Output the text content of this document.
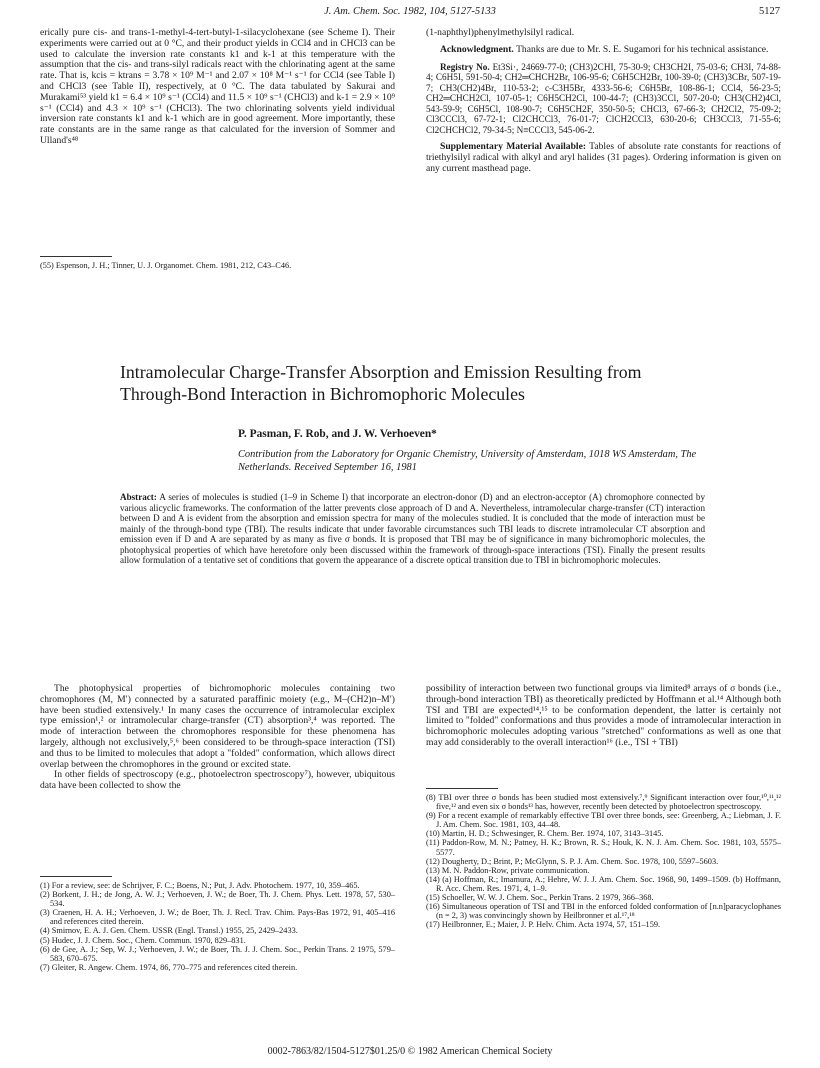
J. Am. Chem. Soc. 1982, 104, 5127-5133	5127

erically pure cis- and trans-1-methyl-4-tert-butyl-1-silacyclohexane (see Scheme I). Their experiments were carried out at 0 °C, and their product yields in CCl4 and in CHCl3 can be used to calculate the inversion rate constants k1 and k-1 at this temperature with the assumption that the cis- and trans-silyl radicals react with the chlorinating agent at the same rate. That is, kcis = ktrans = 3.78 × 10⁹ M⁻¹ and 2.07 × 10⁸ M⁻¹ s⁻¹ for CCl4 (see Table I) and CHCl3 (see Table II), respectively, at 0 °C. The data tabulated by Sakurai and Murakami⁵³ yield k1 = 6.4 × 10⁹ s⁻¹ (CCl4) and 11.5 × 10⁹ s⁻¹ (CHCl3) and k-1 = 2.9 × 10⁹ s⁻¹ (CCl4) and 4.3 × 10⁹ s⁻¹ (CHCl3). The two chlorinating solvents yield individual inversion rate constants k1 and k-1 which are in good agreement. More importantly, these rate constants are in the same range as that calculated for the inversion of Sommer and Ulland's⁴⁸

(55) Espenson, J. H.; Tinner, U. J. Organomet. Chem. 1981, 212, C43–C46.

(1-naphthyl)phenylmethylsilyl radical.

Acknowledgment. Thanks are due to Mr. S. E. Sugamori for his technical assistance.

Registry No. Et3Si·, 24669-77-0; (CH3)2CHI, 75-30-9; CH3CH2I, 75-03-6; CH3I, 74-88-4; C6H5I, 591-50-4; CH2═CHCH2Br, 106-95-6; C6H5CH2Br, 100-39-0; (CH3)3CBr, 507-19-7; CH3(CH2)4Br, 110-53-2; c-C3H5Br, 4333-56-6; C6H5Br, 108-86-1; CCl4, 56-23-5; CH2═CHCH2Cl, 107-05-1; C6H5CH2Cl, 100-44-7; (CH3)3CCl, 507-20-0; CH3(CH2)4Cl, 543-59-9; C6H5Cl, 108-90-7; C6H5CH2F, 350-50-5; CHCl3, 67-66-3; CH2Cl2, 75-09-2; Cl3CCCl3, 67-72-1; Cl2CHCCl3, 76-01-7; ClCH2CCl3, 630-20-6; CH3CCl3, 71-55-6; Cl2CHCHCl2, 79-34-5; N≡CCCl3, 545-06-2.

Supplementary Material Available: Tables of absolute rate constants for reactions of triethylsilyl radical with alkyl and aryl halides (31 pages). Ordering information is given on any current masthead page.

Intramolecular Charge-Transfer Absorption and Emission Resulting from Through-Bond Interaction in Bichromophoric Molecules
P. Pasman, F. Rob, and J. W. Verhoeven*
Contribution from the Laboratory for Organic Chemistry, University of Amsterdam, 1018 WS Amsterdam, The Netherlands. Received September 16, 1981
Abstract: A series of molecules is studied (1–9 in Scheme I) that incorporate an electron-donor (D) and an electron-acceptor (A) chromophore connected by various alicyclic frameworks. The conformation of the latter prevents close approach of D and A. Nevertheless, intramolecular charge-transfer (CT) interaction between D and A is evident from the absorption and emission spectra for many of the molecules studied. It is concluded that the mode of interaction must be mainly of the through-bond type (TBI). The results indicate that under favorable circumstances such TBI leads to discrete intramolecular CT absorption and emission even if D and A are separated by as many as five σ bonds. It is proposed that TBI may be of significance in many bichromophoric molecules, the photophysical properties of which have heretofore only been discussed within the framework of through-space interactions (TSI). Finally the present results allow formulation of a tentative set of conditions that govern the appearance of a discrete optical transition due to TBI in bichromophoric molecules.

The photophysical properties of bichromophoric molecules containing two chromophores (M, M′) connected by a saturated paraffinic moiety (e.g., M–(CH2)n–M′) have been studied extensively.¹ In many cases the occurrence of intramolecular exciplex type emission¹,² or intramolecular charge-transfer (CT) absorption³,⁴ was reported. The mode of interaction between the chromophores responsible for these phenomena has largely, although not exclusively,⁵,⁶ been considered to be through-space interaction (TSI) and thus to be limited to molecules that adopt a "folded" conformation, which allows direct overlap between the chromophores in the ground or excited state.

In other fields of spectroscopy (e.g., photoelectron spectroscopy⁷), however, ubiquitous data have been collected to show the

(1) For a review, see: de Schrijver, F. C.; Boens, N.; Put, J. Adv. Photochem. 1977, 10, 359–465.

(2) Borkent, J. H.; de Jong, A. W. J.; Verhoeven, J. W.; de Boer, Th. J. Chem. Phys. Lett. 1978, 57, 530–534.

(3) Craenen, H. A. H.; Verhoeven, J. W.; de Boer, Th. J. Recl. Trav. Chim. Pays-Bas 1972, 91, 405–416 and references cited therein.

(4) Smirnov, E. A. J. Gen. Chem. USSR (Engl. Transl.) 1955, 25, 2429–2433.

(5) Hudec, J. J. Chem. Soc., Chem. Commun. 1970, 829–831.

(6) de Gee, A. J.; Sep, W. J.; Verhoeven, J. W.; de Boer, Th. J. J. Chem. Soc., Perkin Trans. 2 1975, 579–583, 670–675.

(7) Gleiter, R. Angew. Chem. 1974, 86, 770–775 and references cited therein.

possibility of interaction between two functional groups via limited⁸ arrays of σ bonds (i.e., through-bond interaction TBI) as theoretically predicted by Hoffmann et al.¹⁴ Although both TSI and TBI are expected¹⁴,¹⁵ to be conformation dependent, the latter is certainly not limited to "folded" conformations and thus provides a mode of intramolecular interaction in bichromophoric molecules adopting various "stretched" conformations as well as one that may add considerably to the overall interaction¹⁶ (i.e., TSI + TBI)

(8) TBI over three σ bonds has been studied most extensively.⁷,⁹ Significant interaction over four,¹⁰,¹¹,¹² five,¹² and even six σ bonds¹³ has, however, recently been detected by photoelectron spectroscopy.

(9) For a recent example of remarkably effective TBI over three bonds, see: Greenberg, A.; Liebman, J. F. J. Am. Chem. Soc. 1981, 103, 44–48.

(10) Martin, H. D.; Schwesinger, R. Chem. Ber. 1974, 107, 3143–3145.

(11) Paddon-Row, M. N.; Patney, H. K.; Brown, R. S.; Houk, K. N. J. Am. Chem. Soc. 1981, 103, 5575–5577.

(12) Dougherty, D.; Brint, P.; McGlynn, S. P. J. Am. Chem. Soc. 1978, 100, 5597–5603.

(13) M. N. Paddon-Row, private communication.

(14) (a) Hoffman, R.; Imamura, A.; Hehre, W. J. J. Am. Chem. Soc. 1968, 90, 1499–1509. (b) Hoffmann, R. Acc. Chem. Res. 1971, 4, 1–9.

(15) Schoeller, W. W. J. Chem. Soc., Perkin Trans. 2 1979, 366–368.

(16) Simultaneous operation of TSI and TBI in the enforced folded conformation of [n.n]paracyclophanes (n = 2, 3) was convincingly shown by Heilbronner et al.¹⁷,¹⁸

(17) Heilbronner, E.; Maier, J. P. Helv. Chim. Acta 1974, 57, 151–159.

0002-7863/82/1504-5127$01.25/0 © 1982 American Chemical Society
